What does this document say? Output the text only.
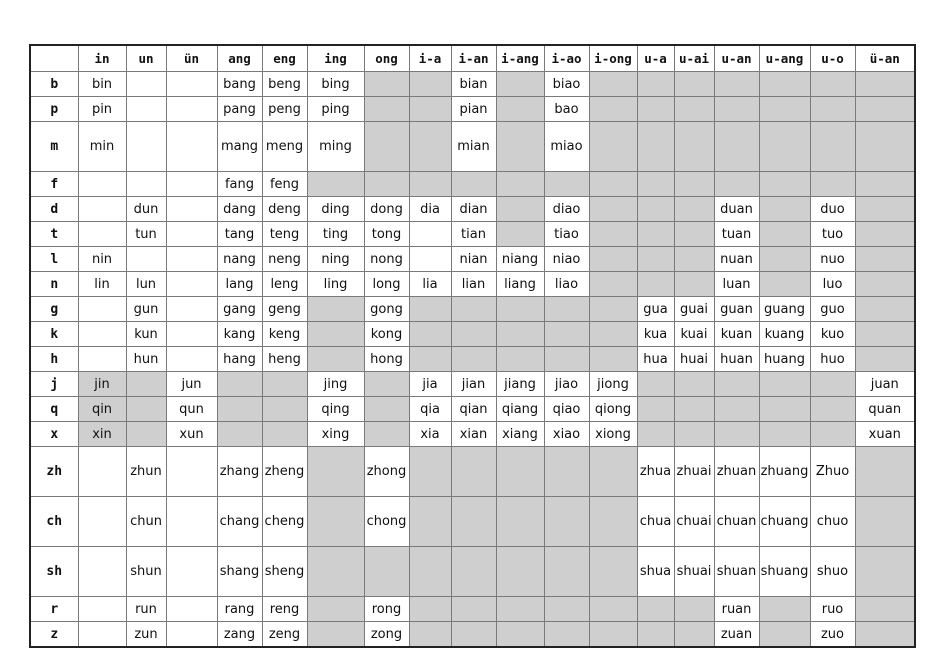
	in	un	ün	ang	eng	ing	ong	i-a	i-an	i-ang	i-ao	i-ong	u-a	u-ai	u-an	u-ang	u-o	ü-an
b	bin			bang	beng	bing			bian		biao							
p	pin			pang	peng	ping			pian		bao							
m	min			mang	meng	ming			mian		miao							
f				fang	feng													
d		dun		dang	deng	ding	dong	dia	dian		diao				duan		duo	
t		tun		tang	teng	ting	tong		tian		tiao				tuan		tuo	
l	nin			nang	neng	ning	nong		nian	niang	niao				nuan		nuo	
n	lin	lun		lang	leng	ling	long	lia	lian	liang	liao				luan		luo	
g		gun		gang	geng		gong						gua	guai	guan	guang	guo	
k		kun		kang	keng		kong						kua	kuai	kuan	kuang	kuo	
h		hun		hang	heng		hong						hua	huai	huan	huang	huo	
j	jin		jun			jing		jia	jian	jiang	jiao	jiong						juan
q	qin		qun			qing		qia	qian	qiang	qiao	qiong						quan
x	xin		xun			xing		xia	xian	xiang	xiao	xiong						xuan
zh		zhun		zhang	zheng		zhong						zhua	zhuai	zhuan	zhuang	Zhuo	
ch		chun		chang	cheng		chong						chua	chuai	chuan	chuang	chuo	
sh		shun		shang	sheng								shua	shuai	shuan	shuang	shuo	
r		run		rang	reng		rong								ruan		ruo	
z		zun		zang	zeng		zong								zuan		zuo	
